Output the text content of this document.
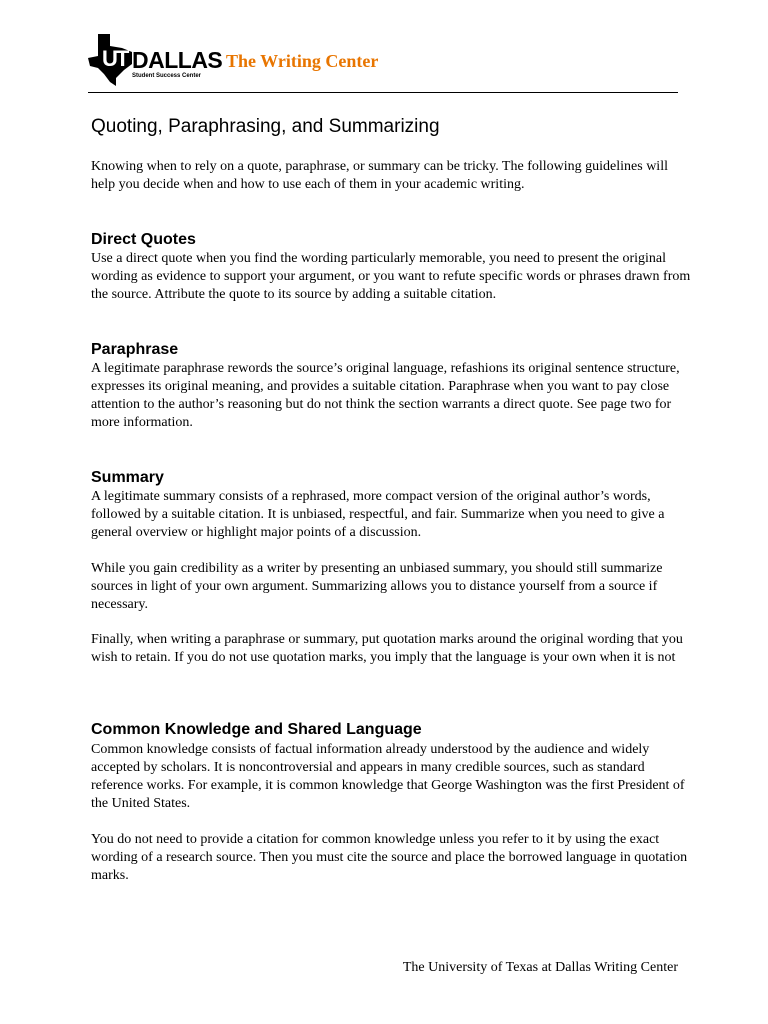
UT DALLAS
Student Success Center
The Writing Center
Quoting, Paraphrasing, and Summarizing

Knowing when to rely on a quote, paraphrase, or summary can be tricky. The following guidelines will help you decide when and how to use each of them in your academic writing.

Direct Quotes

Use a direct quote when you find the wording particularly memorable, you need to present the original wording as evidence to support your argument, or you want to refute specific words or phrases drawn from the source. Attribute the quote to its source by adding a suitable citation.

Paraphrase

A legitimate paraphrase rewords the source’s original language, refashions its original sentence structure, expresses its original meaning, and provides a suitable citation. Paraphrase when you want to pay close attention to the author’s reasoning but do not think the section warrants a direct quote. See page two for more information.

Summary

A legitimate summary consists of a rephrased, more compact version of the original author’s words, followed by a suitable citation. It is unbiased, respectful, and fair. Summarize when you need to give a general overview or highlight major points of a discussion.

While you gain credibility as a writer by presenting an unbiased summary, you should still summarize sources in light of your own argument. Summarizing allows you to distance yourself from a source if necessary.

Finally, when writing a paraphrase or summary, put quotation marks around the original wording that you wish to retain. If you do not use quotation marks, you imply that the language is your own when it is not

Common Knowledge and Shared Language

Common knowledge consists of factual information already understood by the audience and widely accepted by scholars. It is noncontroversial and appears in many credible sources, such as standard reference works. For example, it is common knowledge that George Washington was the first President of the United States.

You do not need to provide a citation for common knowledge unless you refer to it by using the exact wording of a research source. Then you must cite the source and place the borrowed language in quotation marks.

The University of Texas at Dallas Writing Center
